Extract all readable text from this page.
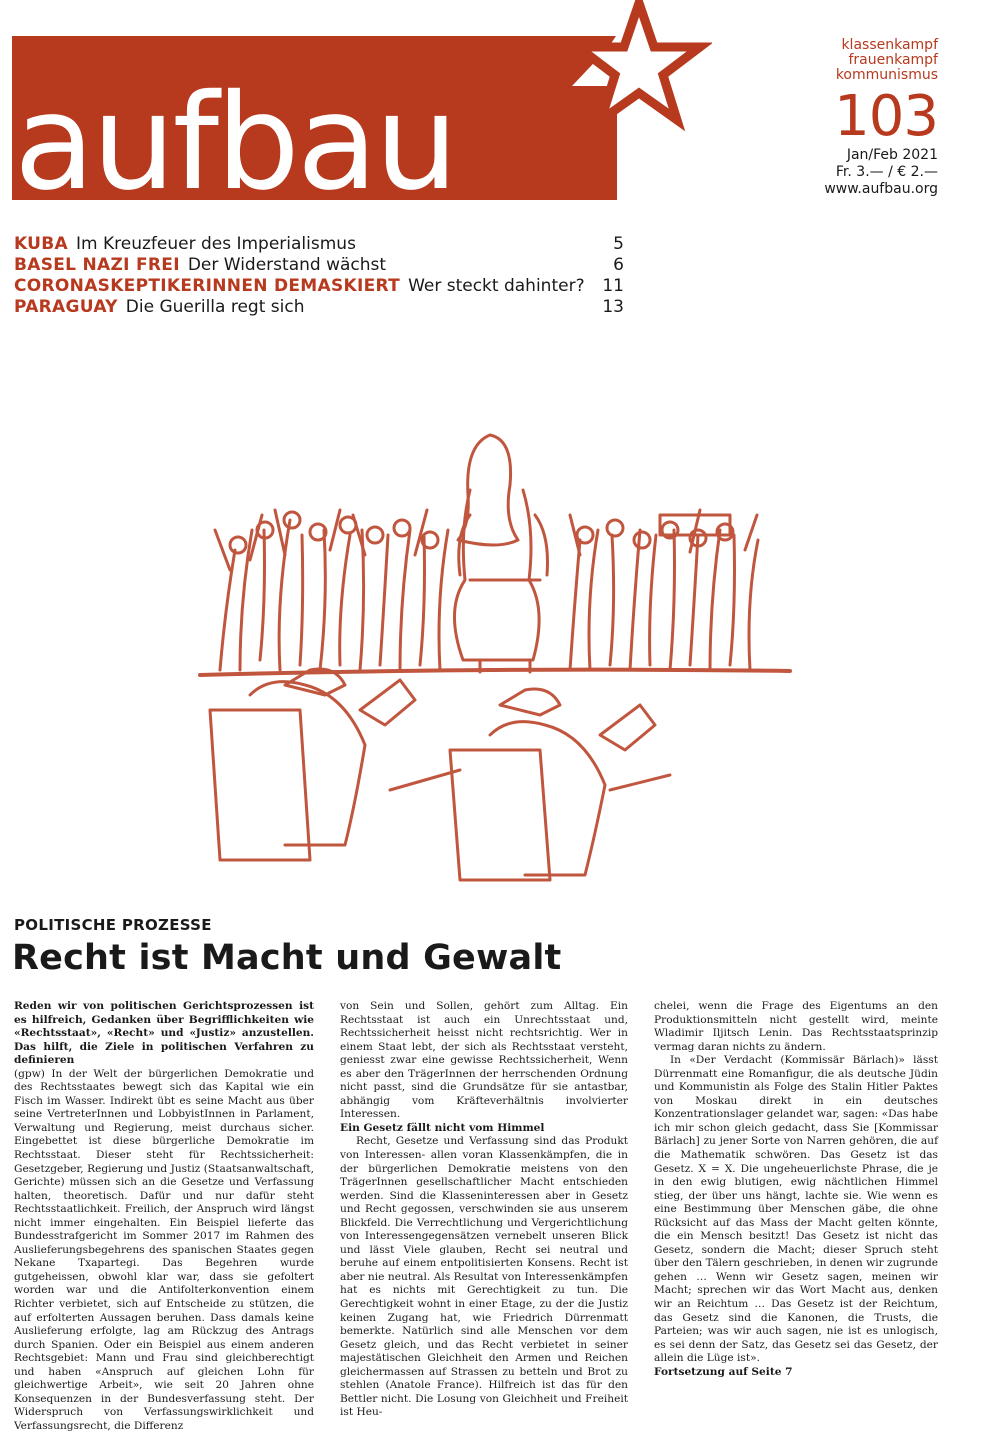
aufbau
klassenkampf
frauenkampf
kommunismus
103
Jan/Feb 2021
Fr. 3.— / € 2.—
www.aufbau.org
KUBA Im Kreuzfeuer des Imperialismus	5
BASEL NAZI FREI Der Widerstand wächst	6
CORONASKEPTIKERINNEN DEMASKIERT Wer steckt dahinter?	11
PARAGUAY Die Guerilla regt sich	13
POLITISCHE PROZESSE
Recht ist Macht und Gewalt

Reden wir von politischen Gerichtsprozessen ist es hilfreich, Gedanken über Begrifflichkeiten wie «Rechtsstaat», «Recht» und «Justiz» anzustellen. Das hilft, die Ziele in politischen Verfahren zu definieren

(gpw) In der Welt der bürgerlichen Demokratie und des Rechtsstaates bewegt sich das Kapital wie ein Fisch im Wasser. Indirekt übt es seine Macht aus über seine VertreterInnen und LobbyistInnen in Parlament, Verwaltung und Regierung, meist durchaus sicher. Eingebettet ist diese bürgerliche Demokratie im Rechtsstaat. Dieser steht für Rechtssicherheit: Gesetzgeber, Regierung und Justiz (Staatsanwaltschaft, Gerichte) müssen sich an die Gesetze und Verfassung halten, theoretisch. Dafür und nur dafür steht Rechtsstaatlichkeit. Freilich, der Anspruch wird längst nicht immer eingehalten. Ein Beispiel lieferte das Bundesstrafgericht im Sommer 2017 im Rahmen des Auslieferungsbegehrens des spanischen Staates gegen Nekane Txapartegi. Das Begehren wurde gutgeheissen, obwohl klar war, dass sie gefoltert worden war und die Antifolterkonvention einem Richter verbietet, sich auf Entscheide zu stützen, die auf erfolterten Aussagen beruhen. Dass damals keine Auslieferung erfolgte, lag am Rückzug des Antrags durch Spanien. Oder ein Beispiel aus einem anderen Rechtsgebiet: Mann und Frau sind gleichberechtigt und haben «Anspruch auf gleichen Lohn für gleichwertige Arbeit», wie seit 20 Jahren ohne Konsequenzen in der Bundesverfassung steht. Der Widerspruch von Verfassungswirklichkeit und Verfassungsrecht, die Differenz

von Sein und Sollen, gehört zum Alltag. Ein Rechtsstaat ist auch ein Unrechtsstaat und, Rechtssicherheit heisst nicht rechtsrichtig. Wer in einem Staat lebt, der sich als Rechtsstaat versteht, geniesst zwar eine gewisse Rechtssicherheit, Wenn es aber den TrägerInnen der herrschenden Ordnung nicht passt, sind die Grundsätze für sie antastbar, abhängig vom Kräfteverhältnis involvierter Interessen.

Ein Gesetz fällt nicht vom Himmel

Recht, Gesetze und Verfassung sind das Produkt von Interessen- allen voran Klassenkämpfen, die in der bürgerlichen Demokratie meistens von den TrägerInnen gesellschaftlicher Macht entschieden werden. Sind die Klasseninteressen aber in Gesetz und Recht gegossen, verschwinden sie aus unserem Blickfeld. Die Verrechtlichung und Vergerichtlichung von Interessengegensätzen vernebelt unseren Blick und lässt Viele glauben, Recht sei neutral und beruhe auf einem entpolitisierten Konsens. Recht ist aber nie neutral. Als Resultat von Interessenkämpfen hat es nichts mit Gerechtigkeit zu tun. Die Gerechtigkeit wohnt in einer Etage, zu der die Justiz keinen Zugang hat, wie Friedrich Dürrenmatt bemerkte. Natürlich sind alle Menschen vor dem Gesetz gleich, und das Recht verbietet in seiner majestätischen Gleichheit den Armen und Reichen gleichermassen auf Strassen zu betteln und Brot zu stehlen (Anatole France). Hilfreich ist das für den Bettler nicht. Die Losung von Gleichheit und Freiheit ist Heu-

chelei, wenn die Frage des Eigentums an den Produktionsmitteln nicht gestellt wird, meinte Wladimir Iljitsch Lenin. Das Rechtsstaatsprinzip vermag daran nichts zu ändern.

In «Der Verdacht (Kommissär Bärlach)» lässt Dürrenmatt eine Romanfigur, die als deutsche Jüdin und Kommunistin als Folge des Stalin Hitler Paktes von Moskau direkt in ein deutsches Konzentrationslager gelandet war, sagen: «Das habe ich mir schon gleich gedacht, dass Sie [Kommissar Bärlach] zu jener Sorte von Narren gehören, die auf die Mathematik schwören. Das Gesetz ist das Gesetz. X = X. Die ungeheuerlichste Phrase, die je in den ewig blutigen, ewig nächtlichen Himmel stieg, der über uns hängt, lachte sie. Wie wenn es eine Bestimmung über Menschen gäbe, die ohne Rücksicht auf das Mass der Macht gelten könnte, die ein Mensch besitzt! Das Gesetz ist nicht das Gesetz, sondern die Macht; dieser Spruch steht über den Tälern geschrieben, in denen wir zugrunde gehen … Wenn wir Gesetz sagen, meinen wir Macht; sprechen wir das Wort Macht aus, denken wir an Reichtum … Das Gesetz ist der Reichtum, das Gesetz sind die Kanonen, die Trusts, die Parteien; was wir auch sagen, nie ist es unlogisch, es sei denn der Satz, das Gesetz sei das Gesetz, der allein die Lüge ist».

Fortsetzung auf Seite 7
